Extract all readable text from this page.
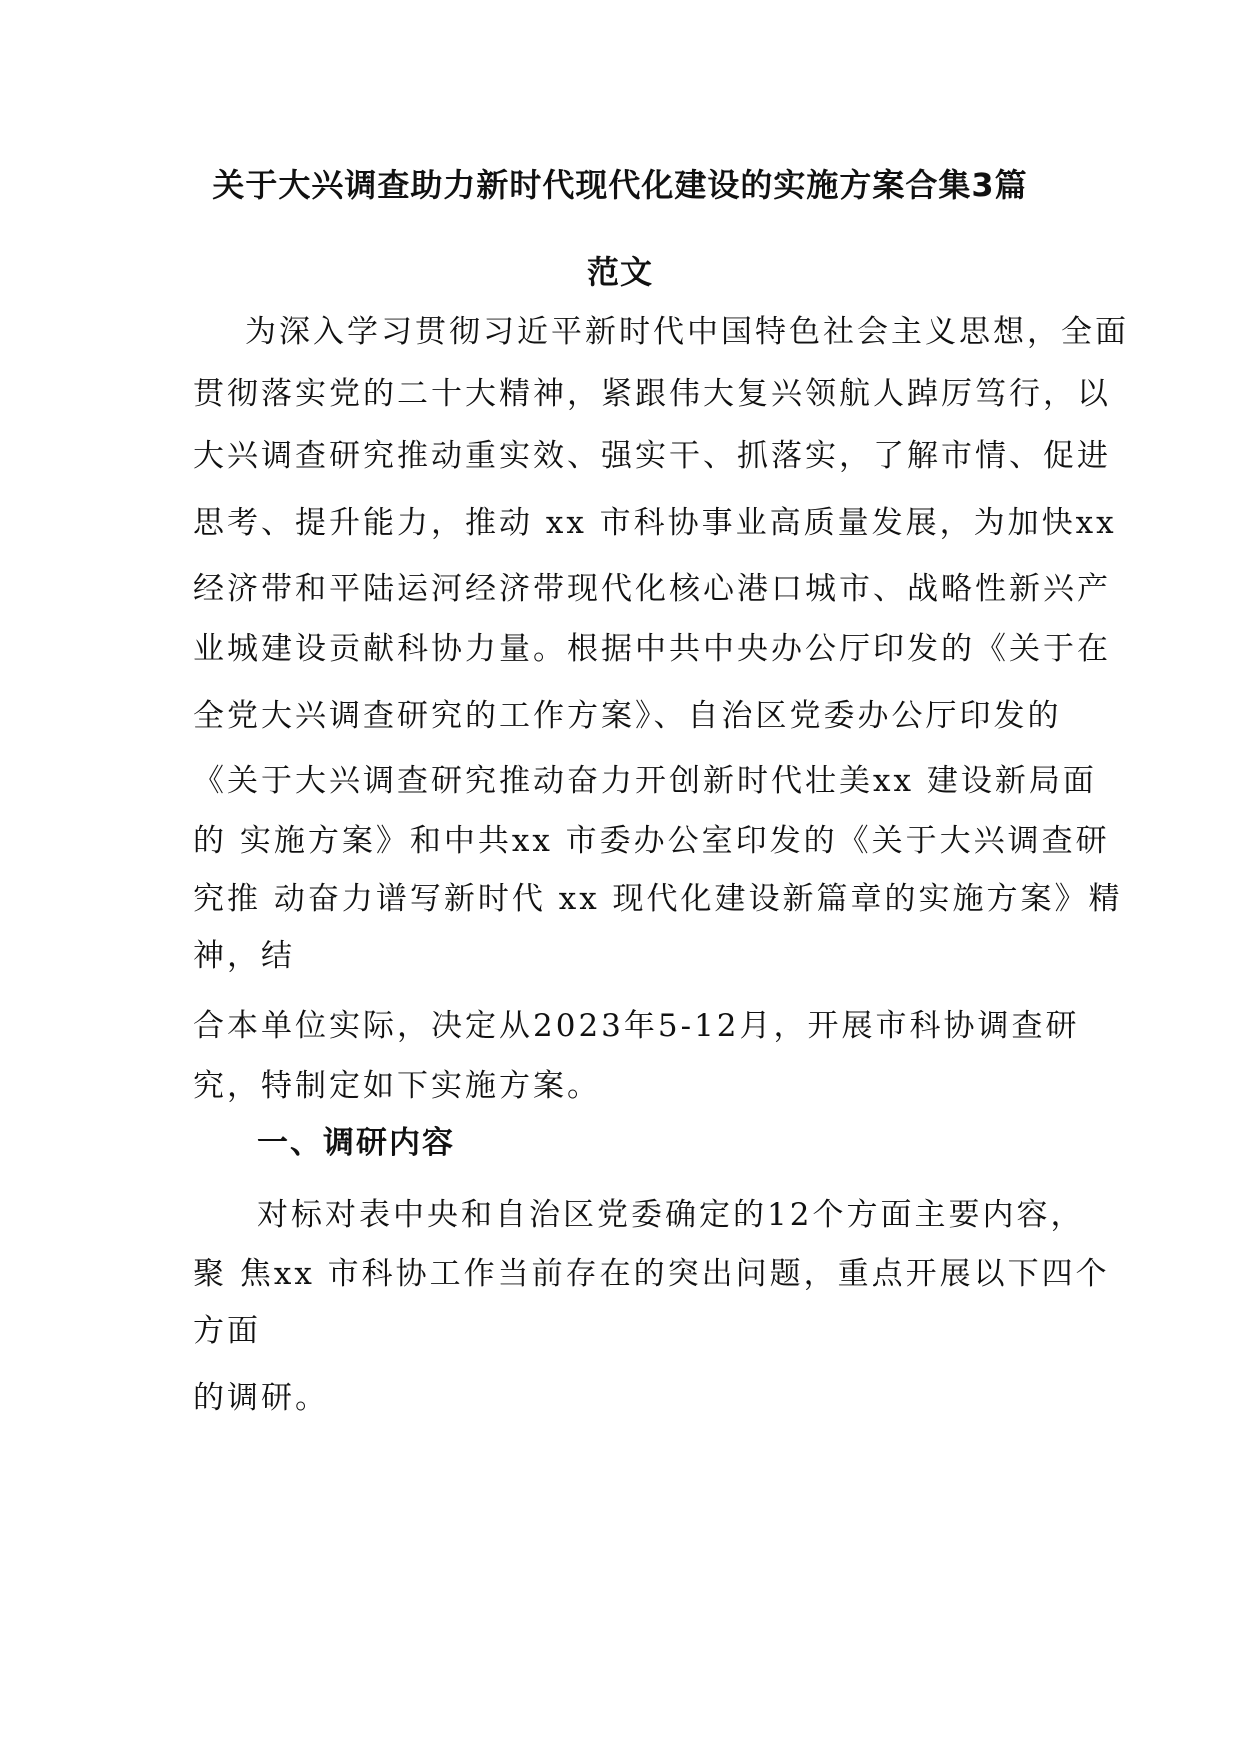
关于大兴调查助力新时代现代化建设的实施方案合集3篇
范文
为深入学习贯彻习近平新时代中国特色社会主义思想，全面
贯彻落实党的二十大精神，紧跟伟大复兴领航人踔厉笃行，以
大兴调查研究推动重实效、强实干、抓落实，了解市情、促进
思考、提升能力，推动 xx 市科协事业高质量发展，为加快xx
经济带和平陆运河经济带现代化核心港口城市、战略性新兴产
业城建设贡献科协力量。根据中共中央办公厅印发的《关于在
全党大兴调查研究的工作方案》、自治区党委办公厅印发的
《关于大兴调查研究推动奋力开创新时代壮美xx 建设新局面
的 实施方案》和中共xx 市委办公室印发的《关于大兴调查研
究推 动奋力谱写新时代 xx 现代化建设新篇章的实施方案》精
神，结
合本单位实际，决定从2023年5-12月，开展市科协调查研
究，特制定如下实施方案。
一、调研内容
对标对表中央和自治区党委确定的12个方面主要内容，
聚 焦xx 市科协工作当前存在的突出问题，重点开展以下四个
方面
的调研。
